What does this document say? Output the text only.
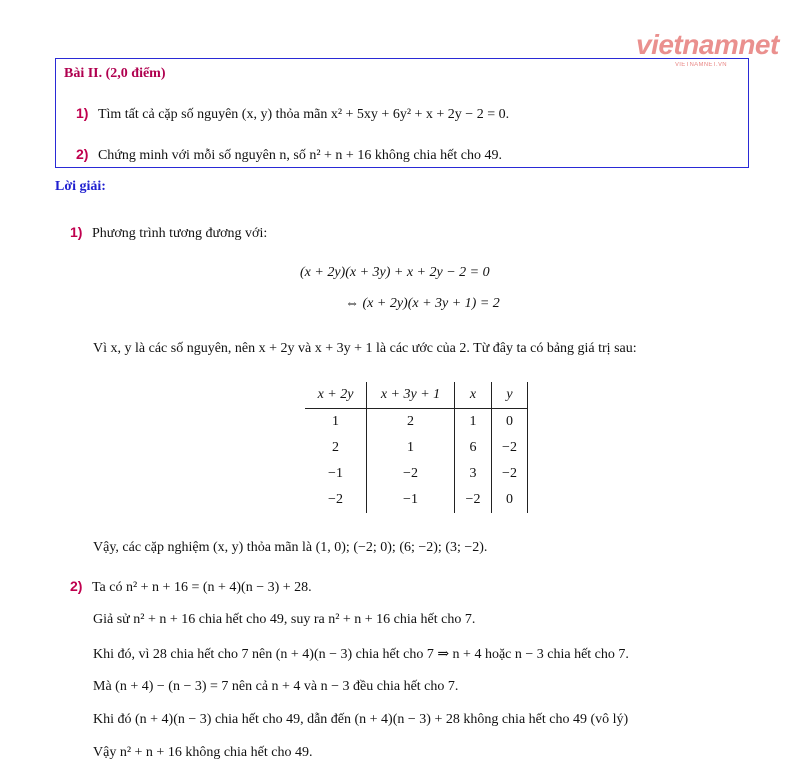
vietnamnet
VIETNAMNET.VN
Bài II. (2,0 điểm)
1) Tìm tất cả cặp số nguyên (x, y) thỏa mãn x² + 5xy + 6y² + x + 2y − 2 = 0.
2) Chứng minh với mỗi số nguyên n, số n² + n + 16 không chia hết cho 49.
Lời giải:
1) Phương trình tương đương với:
(x + 2y)(x + 3y) + x + 2y − 2 = 0
⇔ (x + 2y)(x + 3y + 1) = 2
Vì x, y là các số nguyên, nên x + 2y và x + 3y + 1 là các ước của 2. Từ đây ta có bảng giá trị sau:
x + 2y	x + 3y + 1	x	y
1	2	1	0
2	1	6	−2
−1	−2	3	−2
−2	−1	−2	0
Vậy, các cặp nghiệm (x, y) thỏa mãn là (1, 0); (−2; 0); (6; −2); (3; −2).
2) Ta có n² + n + 16 = (n + 4)(n − 3) + 28.
Giả sử n² + n + 16 chia hết cho 49, suy ra n² + n + 16 chia hết cho 7.
Khi đó, vì 28 chia hết cho 7 nên (n + 4)(n − 3) chia hết cho 7 ⇒ n + 4 hoặc n − 3 chia hết cho 7.
Mà (n + 4) − (n − 3) = 7 nên cả n + 4 và n − 3 đều chia hết cho 7.
Khi đó (n + 4)(n − 3) chia hết cho 49, dẫn đến (n + 4)(n − 3) + 28 không chia hết cho 49 (vô lý)
Vậy n² + n + 16 không chia hết cho 49.
